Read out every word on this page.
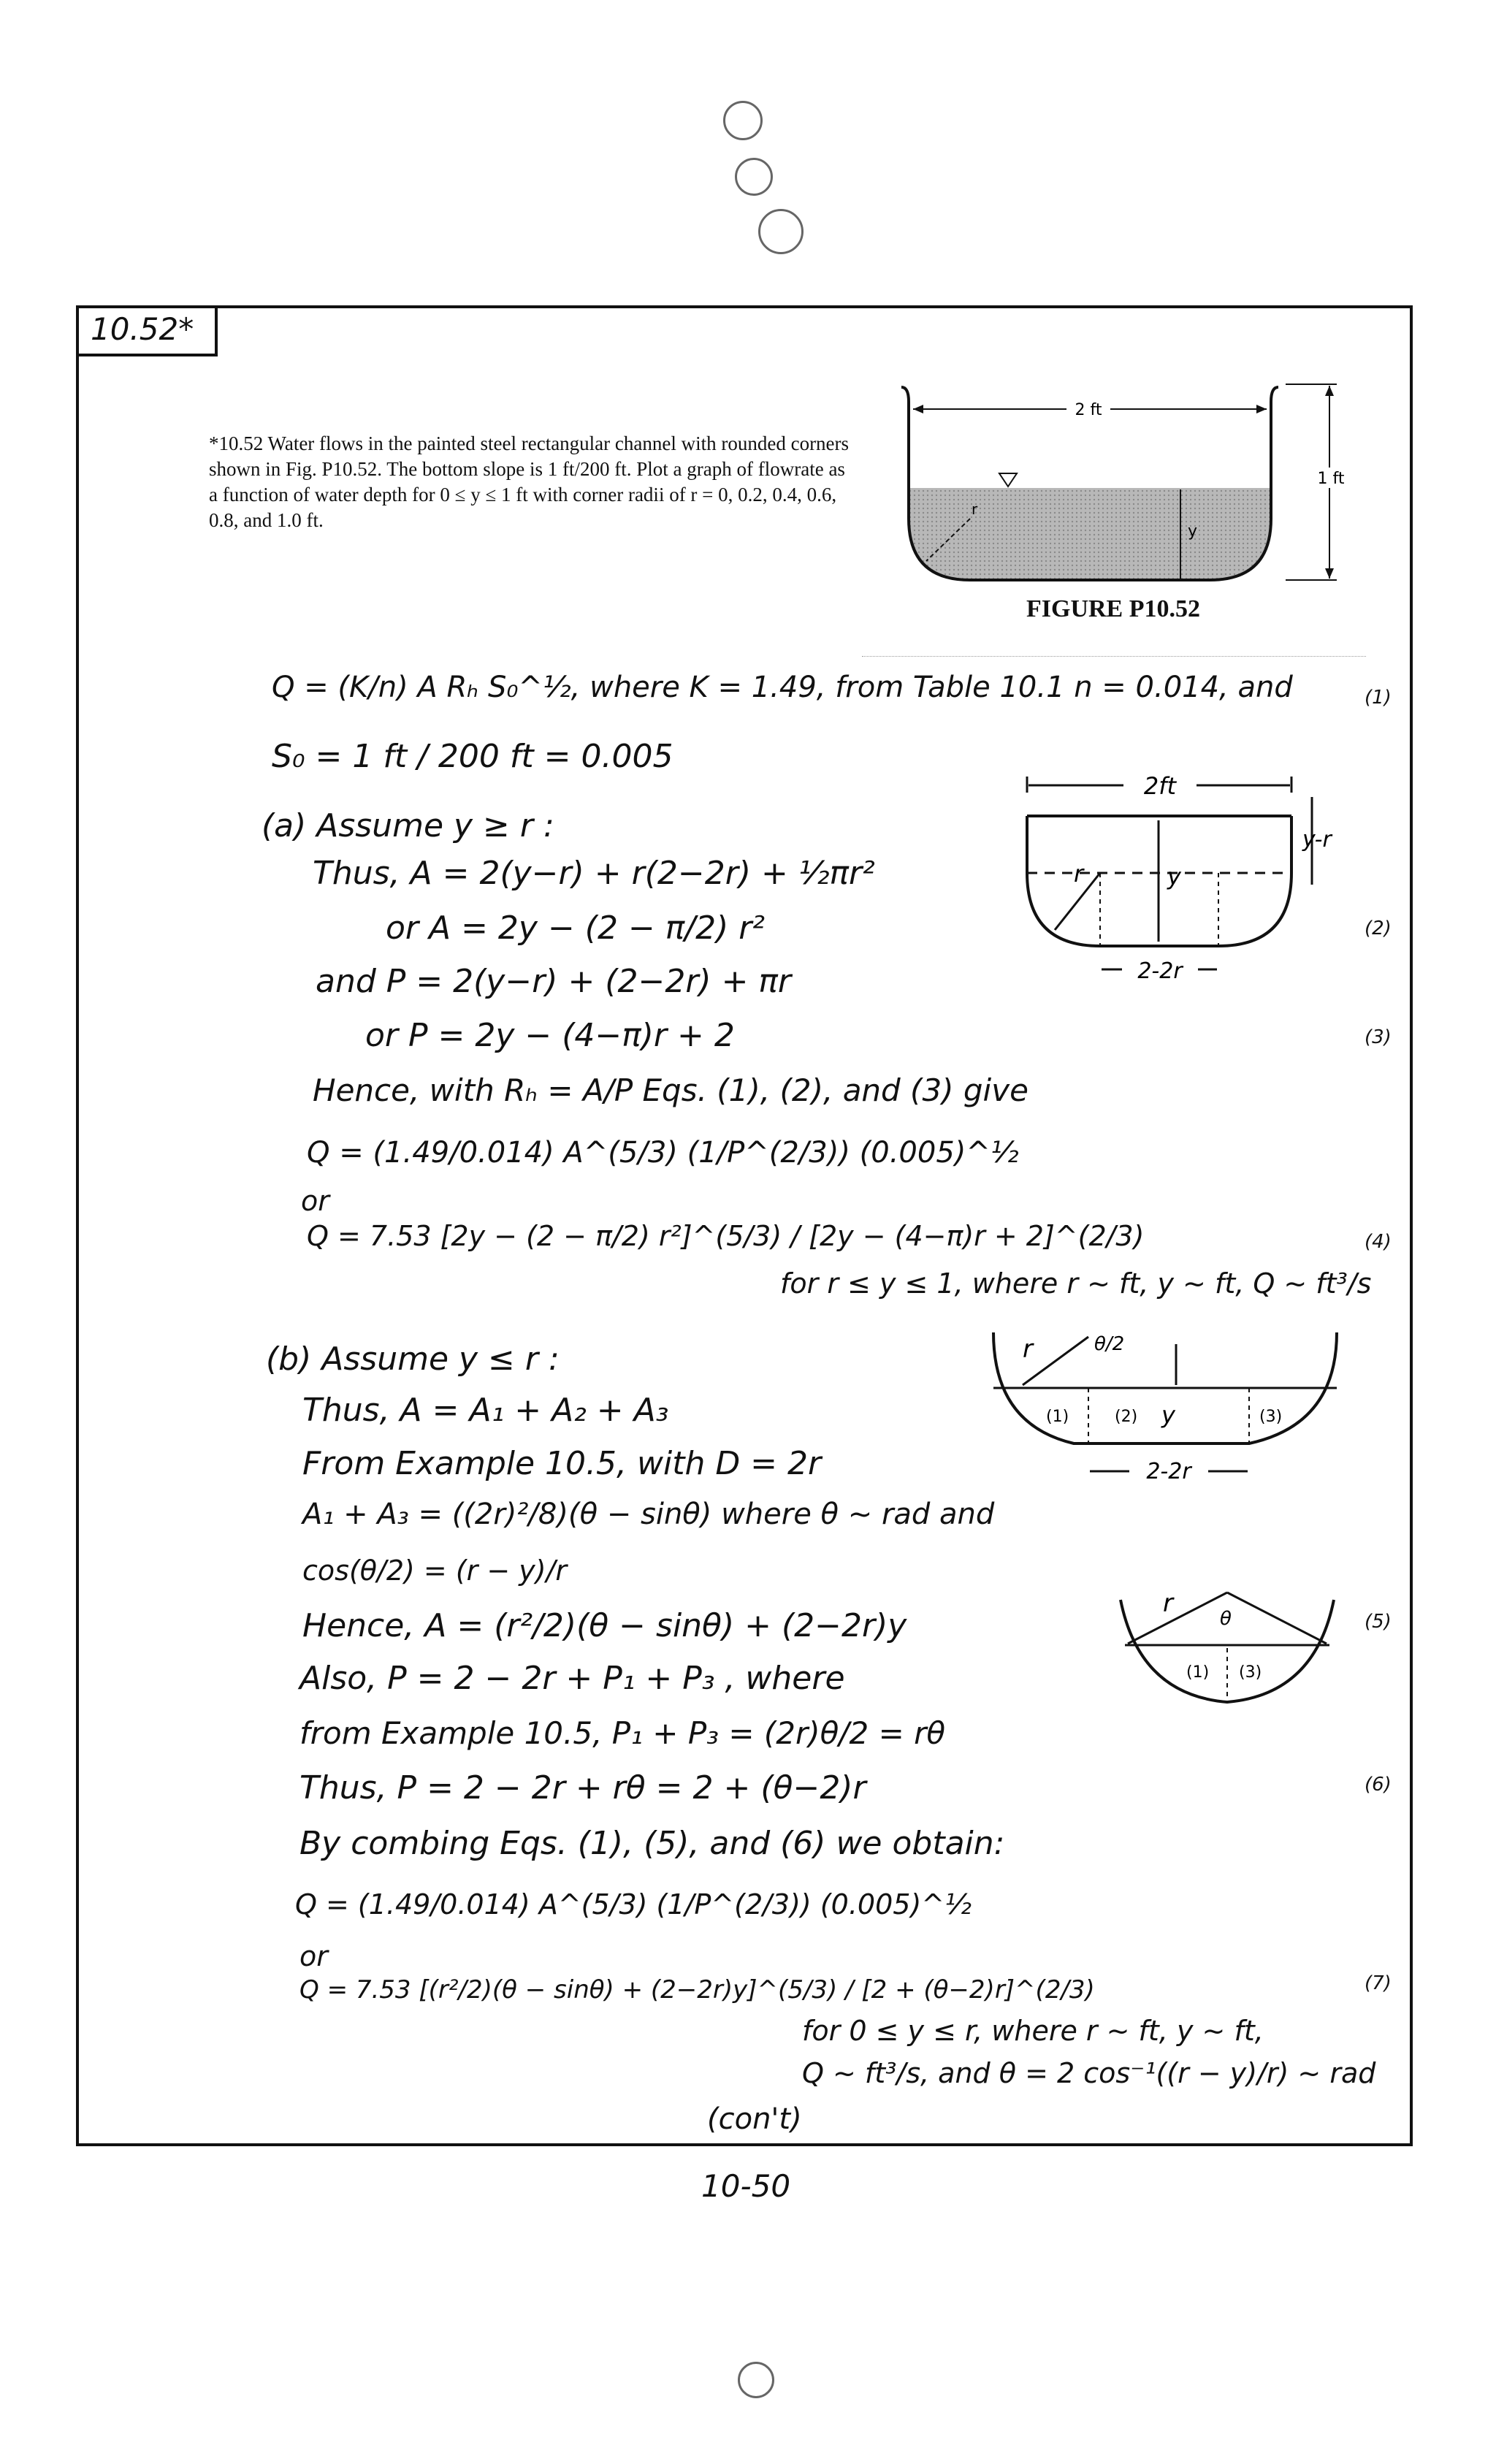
10.52*
*10.52 Water flows in the painted steel rectangular channel with rounded corners shown in Fig. P10.52. The bottom slope is 1 ft/200 ft. Plot a graph of flowrate as a function of water depth for 0 ≤ y ≤ 1 ft with corner radii of r = 0, 0.2, 0.4, 0.6, 0.8, and 1.0 ft.
2 ft
1 ft
y
r
FIGURE P10.52
(1)
(2)
(3)
(4)
(5)
(6)
(7)
Q = (K/n) A Rₕ S₀^½, where K = 1.49, from Table 10.1 n = 0.014, and
S₀ = 1 ft / 200 ft = 0.005
(a) Assume y ≥ r :
Thus, A = 2(y−r) + r(2−2r) + ½πr²
or A = 2y − (2 − π/2) r²
and P = 2(y−r) + (2−2r) + πr
or P = 2y − (4−π)r + 2
Hence, with Rₕ = A/P Eqs. (1), (2), and (3) give
Q = (1.49/0.014) A^(5/3) (1/P^(2/3)) (0.005)^½
or
Q = 7.53 [2y − (2 − π/2) r²]^(5/3) / [2y − (4−π)r + 2]^(2/3)
for r ≤ y ≤ 1, where r ~ ft, y ~ ft, Q ~ ft³/s
(b) Assume y ≤ r :
Thus, A = A₁ + A₂ + A₃
From Example 10.5, with D = 2r
A₁ + A₃ = ((2r)²/8)(θ − sinθ) where θ ~ rad and
cos(θ/2) = (r − y)/r
Hence, A = (r²/2)(θ − sinθ) + (2−2r)y
Also, P = 2 − 2r + P₁ + P₃ , where
from Example 10.5, P₁ + P₃ = (2r)θ/2 = rθ
Thus, P = 2 − 2r + rθ = 2 + (θ−2)r
By combing Eqs. (1), (5), and (6) we obtain:
Q = (1.49/0.014) A^(5/3) (1/P^(2/3)) (0.005)^½
or
Q = 7.53 [(r²/2)(θ − sinθ) + (2−2r)y]^(5/3) / [2 + (θ−2)r]^(2/3)
for 0 ≤ y ≤ r, where r ~ ft, y ~ ft,
Q ~ ft³/s, and θ = 2 cos⁻¹((r − y)/r) ~ rad
(con't)
2ft
y
r
y-r
2-2r
r	θ/2
(1)	(2) y	(3)
2-2r
r
θ
(1) (3)
10-50
